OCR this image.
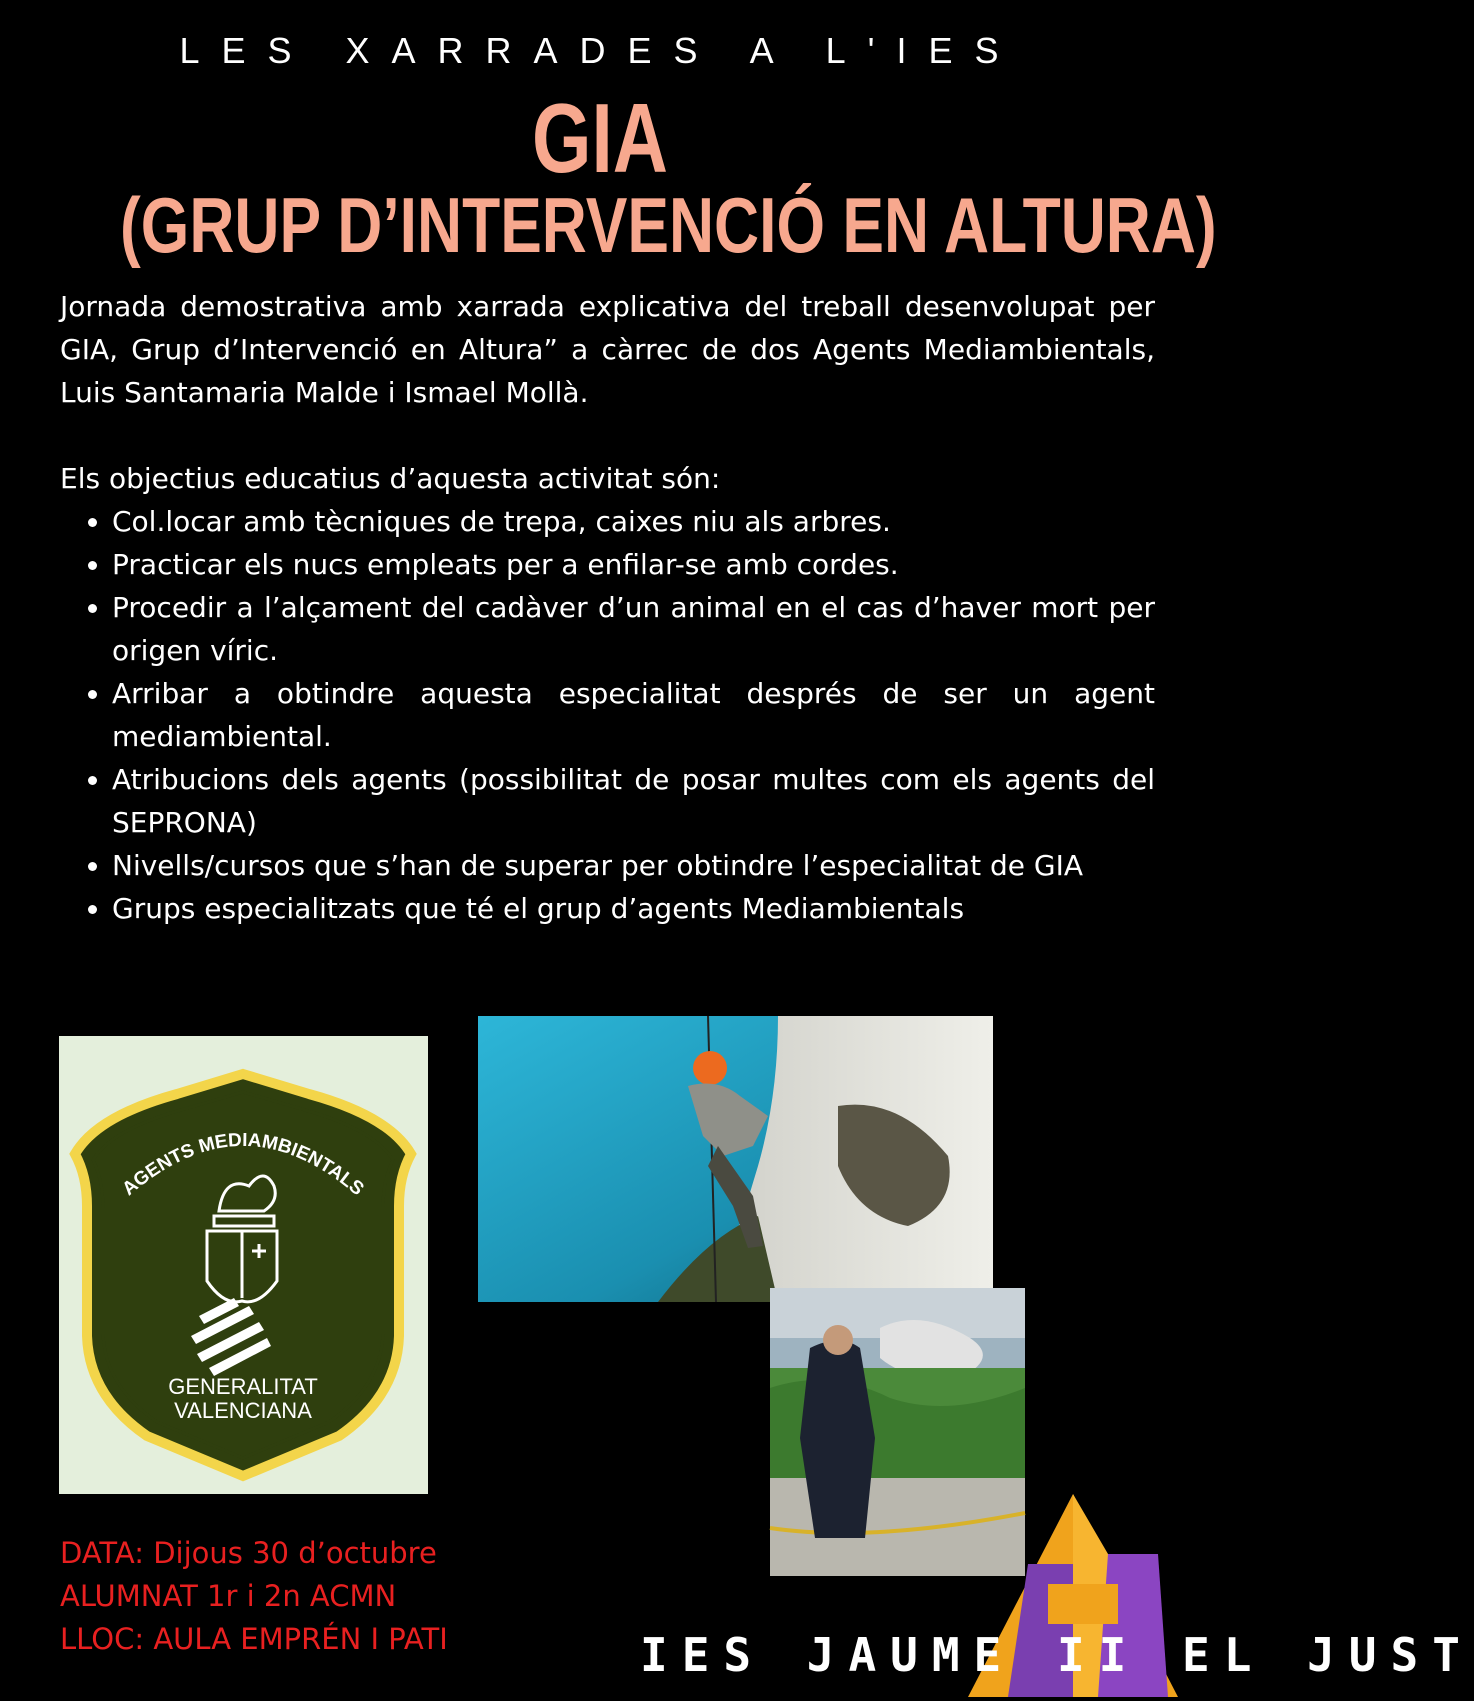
LES XARRADES A L'IES
GIA
(GRUP D’INTERVENCIÓ EN ALTURA)
Jornada demostrativa amb xarrada explicativa del treball desenvolupat per GIA, Grup d’Intervenció en Altura” a càrrec de dos Agents Mediambientals, Luis Santamaria Malde i Ismael Mollà.
Els objectius educatius d’aquesta activitat són:
• Col.locar amb tècniques de trepa, caixes niu als arbres.
• Practicar els nucs empleats per a enfilar-se amb cordes.
• Procedir a l’alçament del cadàver d’un animal en el cas d’haver mort per origen víric.
• Arribar a obtindre aquesta especialitat després de ser un agent mediambiental.
• Atribucions dels agents (possibilitat de posar multes com els agents del SEPRONA)
• Nivells/cursos que s’han de superar per obtindre l’especialitat de GIA
• Grups especialitzats que té el grup d’agents Mediambientals
AGENTS MEDIAMBIENTALS
GENERALITAT
VALENCIANA
DATA: Dijous 30 d’octubre
ALUMNAT 1r i 2n ACMN
LLOC: AULA EMPRÉN I PATI	IES JAUME II EL JUST
